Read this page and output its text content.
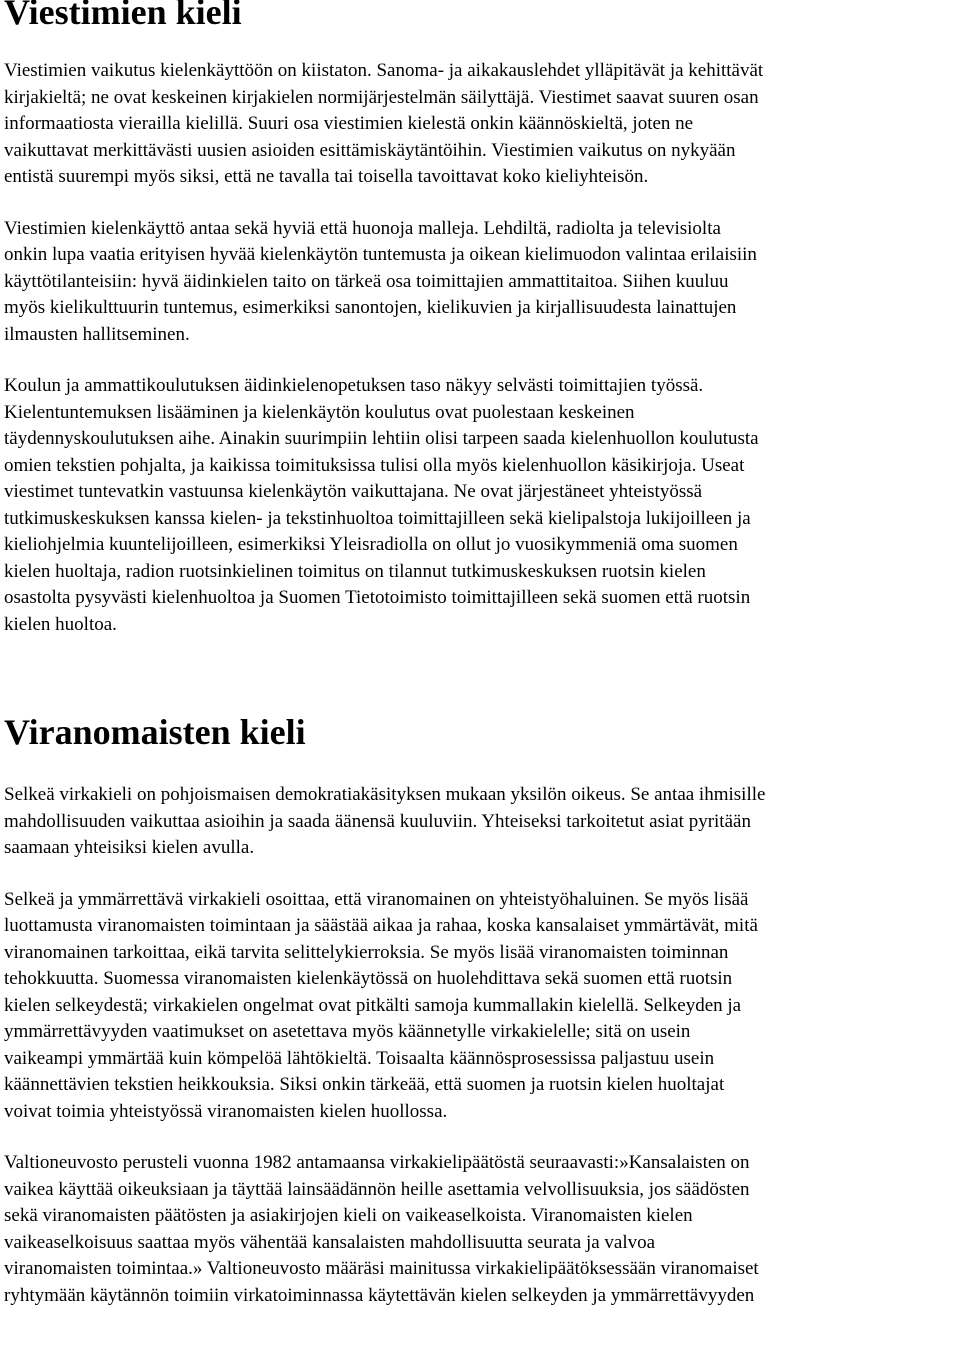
Viestimien kieli

Viestimien vaikutus kielenkäyttöön on kiistaton. Sanoma- ja aikakauslehdet ylläpitävät ja kehittävät
kirjakieltä; ne ovat keskeinen kirjakielen normijärjestelmän säilyttäjä. Viestimet saavat suuren osan
informaatiosta vierailla kielillä. Suuri osa viestimien kielestä onkin käännöskieltä, joten ne
vaikuttavat merkittävästi uusien asioiden esittämiskäytäntöihin. Viestimien vaikutus on nykyään
entistä suurempi myös siksi, että ne tavalla tai toisella tavoittavat koko kieliyhteisön.

Viestimien kielenkäyttö antaa sekä hyviä että huonoja malleja. Lehdiltä, radiolta ja televisiolta
onkin lupa vaatia erityisen hyvää kielenkäytön tuntemusta ja oikean kielimuodon valintaa erilaisiin
käyttötilanteisiin: hyvä äidinkielen taito on tärkeä osa toimittajien ammattitaitoa. Siihen kuuluu
myös kielikulttuurin tuntemus, esimerkiksi sanontojen, kielikuvien ja kirjallisuudesta lainattujen
ilmausten hallitseminen.

Koulun ja ammattikoulutuksen äidinkielenopetuksen taso näkyy selvästi toimittajien työssä.
Kielentuntemuksen lisääminen ja kielenkäytön koulutus ovat puolestaan keskeinen
täydennyskoulutuksen aihe. Ainakin suurimpiin lehtiin olisi tarpeen saada kielenhuollon koulutusta
omien tekstien pohjalta, ja kaikissa toimituksissa tulisi olla myös kielenhuollon käsikirjoja. Useat
viestimet tuntevatkin vastuunsa kielenkäytön vaikuttajana. Ne ovat järjestäneet yhteistyössä
tutkimuskeskuksen kanssa kielen- ja tekstinhuoltoa toimittajilleen sekä kielipalstoja lukijoilleen ja
kieliohjelmia kuuntelijoilleen, esimerkiksi Yleisradiolla on ollut jo vuosikymmeniä oma suomen
kielen huoltaja, radion ruotsinkielinen toimitus on tilannut tutkimuskeskuksen ruotsin kielen
osastolta pysyvästi kielenhuoltoa ja Suomen Tietotoimisto toimittajilleen sekä suomen että ruotsin
kielen huoltoa.

Viranomaisten kieli

Selkeä virkakieli on pohjoismaisen demokratiakäsityksen mukaan yksilön oikeus. Se antaa ihmisille
mahdollisuuden vaikuttaa asioihin ja saada äänensä kuuluviin. Yhteiseksi tarkoitetut asiat pyritään
saamaan yhteisiksi kielen avulla.

Selkeä ja ymmärrettävä virkakieli osoittaa, että viranomainen on yhteistyöhaluinen. Se myös lisää
luottamusta viranomaisten toimintaan ja säästää aikaa ja rahaa, koska kansalaiset ymmärtävät, mitä
viranomainen tarkoittaa, eikä tarvita selittelykierroksia. Se myös lisää viranomaisten toiminnan
tehokkuutta. Suomessa viranomaisten kielenkäytössä on huolehdittava sekä suomen että ruotsin
kielen selkeydestä; virkakielen ongelmat ovat pitkälti samoja kummallakin kielellä. Selkeyden ja
ymmärrettävyyden vaatimukset on asetettava myös käännetylle virkakielelle; sitä on usein
vaikeampi ymmärtää kuin kömpelöä lähtökieltä. Toisaalta käännösprosessissa paljastuu usein
käännettävien tekstien heikkouksia. Siksi onkin tärkeää, että suomen ja ruotsin kielen huoltajat
voivat toimia yhteistyössä viranomaisten kielen huollossa.

Valtioneuvosto perusteli vuonna 1982 antamaansa virkakielipäätöstä seuraavasti:»Kansalaisten on
vaikea käyttää oikeuksiaan ja täyttää lainsäädännön heille asettamia velvollisuuksia, jos säädösten
sekä viranomaisten päätösten ja asiakirjojen kieli on vaikeaselkoista. Viranomaisten kielen
vaikeaselkoisuus saattaa myös vähentää kansalaisten mahdollisuutta seurata ja valvoa
viranomaisten toimintaa.» Valtioneuvosto määräsi mainitussa virkakielipäätöksessään viranomaiset
ryhtymään käytännön toimiin virkatoiminnassa käytettävän kielen selkeyden ja ymmärrettävyyden
